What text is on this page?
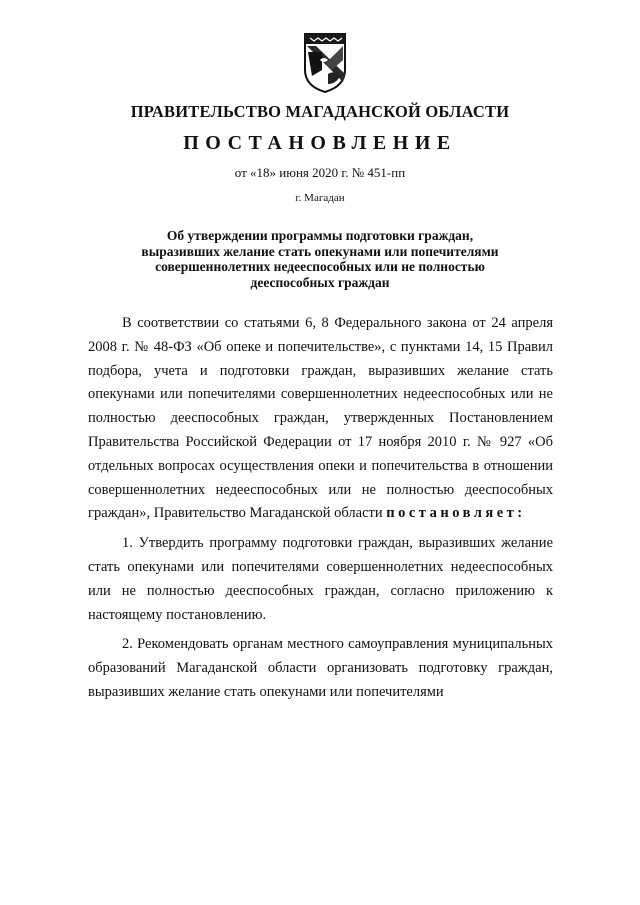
ПРАВИТЕЛЬСТВО МАГАДАНСКОЙ ОБЛАСТИ
ПОСТАНОВЛЕНИЕ
от «18» июня 2020 г. № 451-пп
г. Магадан
Об утверждении программы подготовки граждан,
выразивших желание стать опекунами или попечителями
совершеннолетних недееспособных или не полностью
дееспособных граждан

В соответствии со статьями 6, 8 Федерального закона от 24 апреля 2008 г. № 48-ФЗ «Об опеке и попечительстве», с пунктами 14, 15 Правил подбора, учета и подготовки граждан, выразивших желание стать опекунами или попечителями совершеннолетних недееспособных или не полностью дееспособных граждан, утвержденных Постановлением Правительства Российской Федерации от 17 ноября 2010 г. № 927 «Об отдельных вопросах осуществления опеки и попечительства в отношении совершеннолетних недееспособных или не полностью дееспособных граждан», Правительство Магаданской области постановляет:

1. Утвердить программу подготовки граждан, выразивших желание стать опекунами или попечителями совершеннолетних недееспособных или не полностью дееспособных граждан, согласно приложению к настоящему постановлению.

2. Рекомендовать органам местного самоуправления муниципальных образований Магаданской области организовать подготовку граждан, выразивших желание стать опекунами или попечителями
